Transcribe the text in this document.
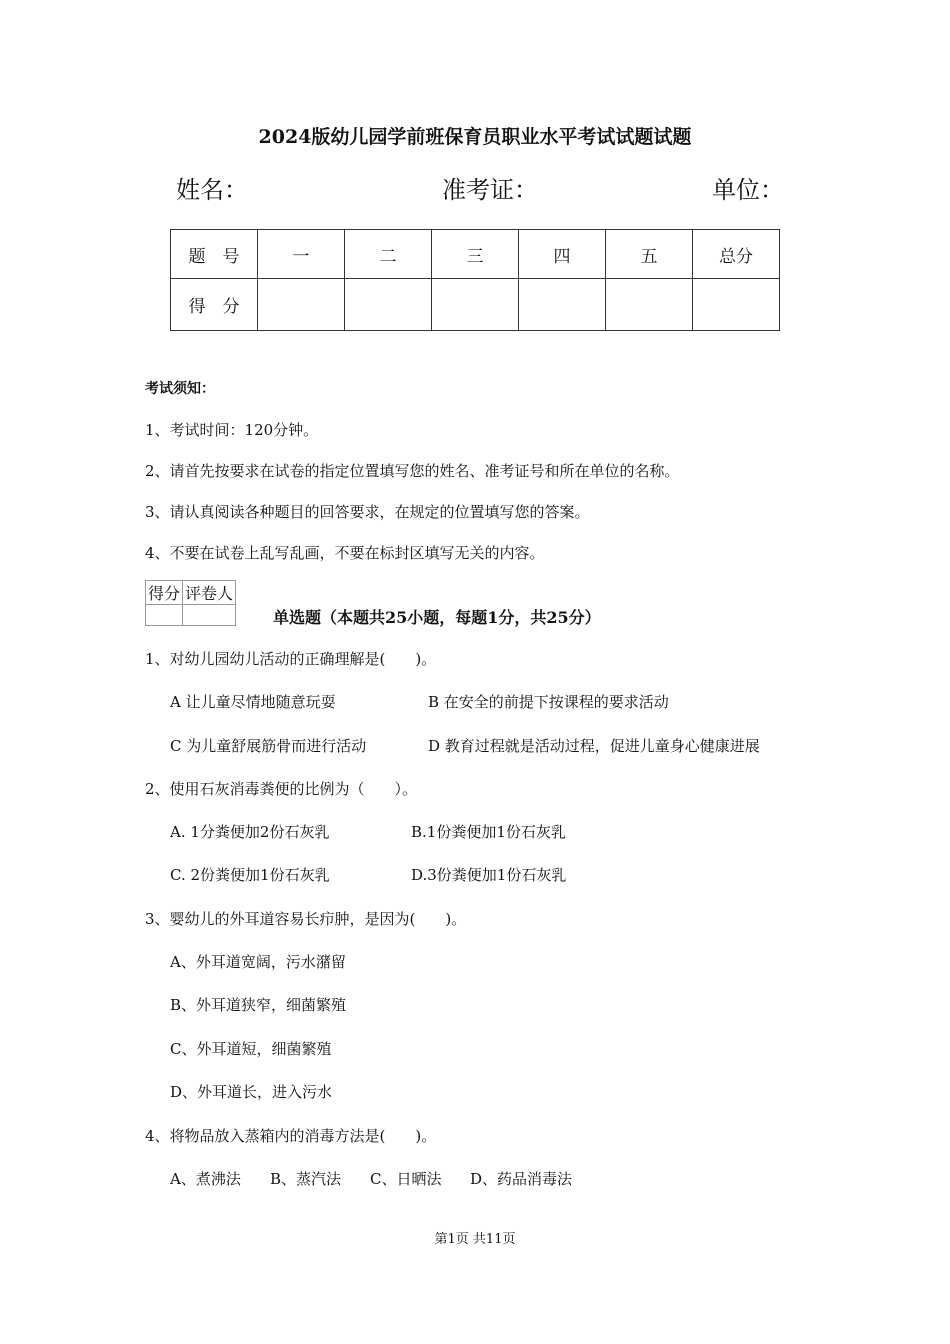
2024版幼儿园学前班保育员职业水平考试试题试题
姓名：	准考证：	单位：
题　号	一	二	三	四	五	总分
得　分						
考试须知：
1、考试时间：120分钟。
2、请首先按要求在试卷的指定位置填写您的姓名、准考证号和所在单位的名称。
3、请认真阅读各种题目的回答要求，在规定的位置填写您的答案。
4、不要在试卷上乱写乱画，不要在标封区填写无关的内容。
得分	评卷人

单选题（本题共25小题，每题1分，共25分）
1、对幼儿园幼儿活动的正确理解是(　　)。
A 让儿童尽情地随意玩耍	B 在安全的前提下按课程的要求活动
C 为儿童舒展筋骨而进行活动	D 教育过程就是活动过程，促进儿童身心健康进展
2、使用石灰消毒粪便的比例为（　　）。
A. 1分粪便加2份石灰乳	B.1份粪便加1份石灰乳
C. 2份粪便加1份石灰乳	D.3份粪便加1份石灰乳
3、婴幼儿的外耳道容易长疖肿，是因为(　　)。
A、外耳道宽阔，污水潴留
B、外耳道狭窄，细菌繁殖
C、外耳道短，细菌繁殖
D、外耳道长，进入污水
4、将物品放入蒸箱内的消毒方法是(　　)。
A、煮沸法 B、蒸汽法 C、日晒法 D、药品消毒法
第1页 共11页
